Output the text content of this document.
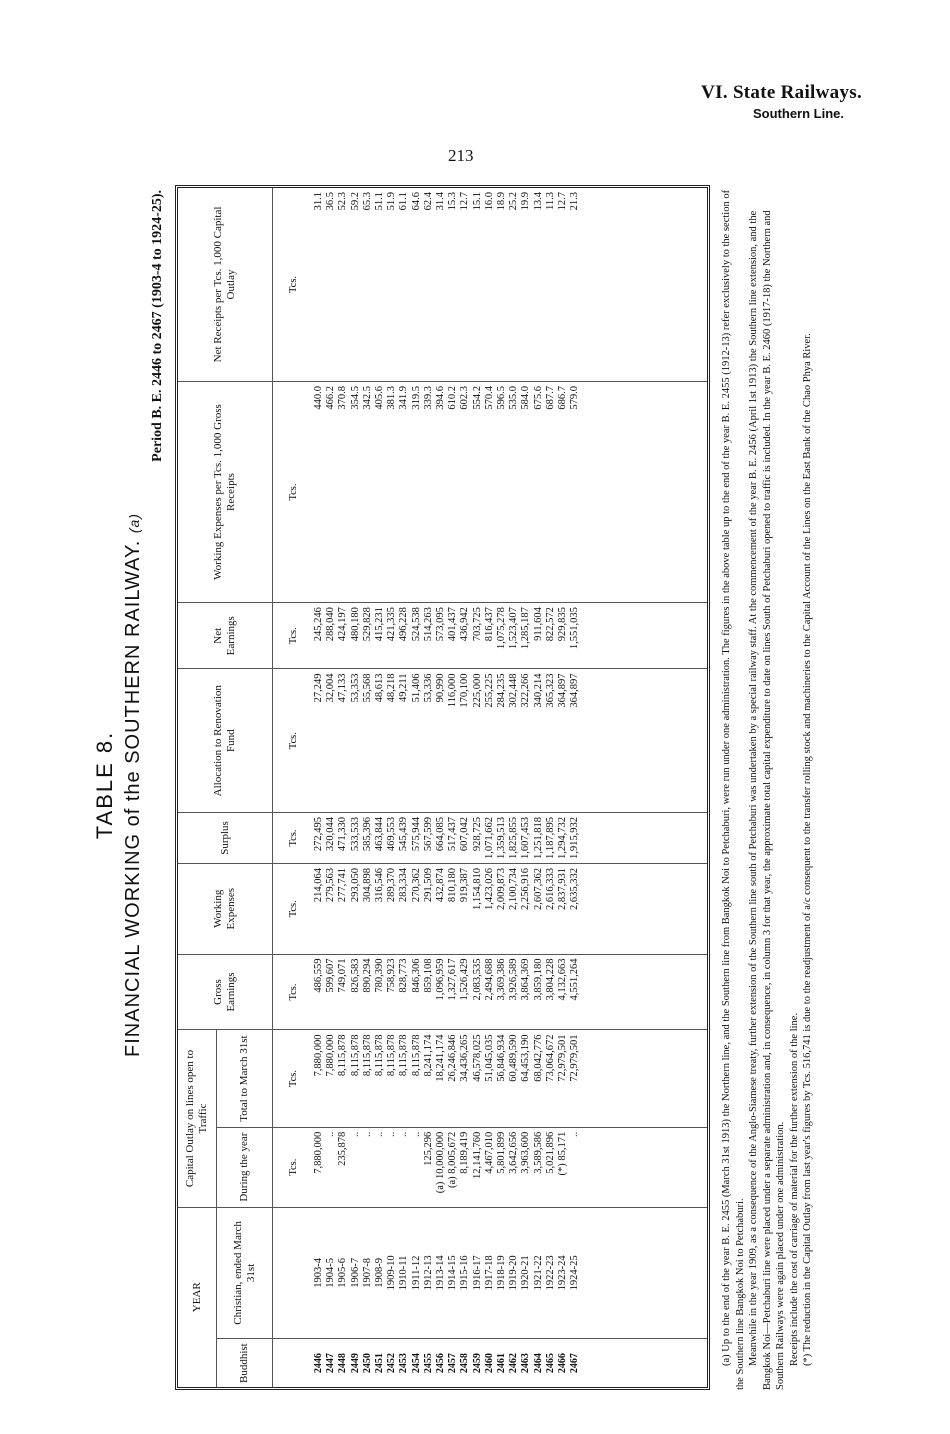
VI. State Railways.
Southern Line.
213
TABLE 8. FINANCIAL WORKING of the SOUTHERN RAILWAY. (a)
Period B. E. 2446 to 2467 (1903-4 to 1924-25).
YEAR		Capital Outlay on lines open to Traffic		Gross Earnings	Working Expenses	Surplus	Allocation to Renovation Fund	Net Earnings	Working Expenses per Tcs. 1,000 Gross Receipts	Net Receipts per Tcs. 1,000 Capital Outlay
Buddhist	Christian, ended March 31st	During the year	Total to March 31st							
		Tcs.	Tcs.	Tcs.	Tcs.	Tcs.	Tcs.	Tcs.	Tcs.	Tcs.
2446	1903-4	7,880,000	7,880,000	486,559	214,064	272,495	27,249	245,246	440.0	31.1
2447	1904-5	..	7,880,000	599,607	279,563	320,044	32,004	288,040	466.2	36.5
2448	1905-6	235,878	8,115,878	749,071	277,741	471,330	47,133	424,197	370.8	52.3
2449	1906-7	..	8,115,878	826,583	293,050	533,533	53,353	480,180	354.5	59.2
2450	1907-8	..	8,115,878	890,294	304,898	585,396	55,568	529,828	342.5	65.3
2451	1908-9	..	8,115,878	780,390	316,546	463,844	48,613	415,231	405.6	51.1
2452	1909-10	..	8,115,878	758,923	289,370	469,553	48,218	421,335	381.3	51.9
2453	1910-11	..	8,115,878	828,773	283,334	545,439	49,211	496,228	341.9	61.1
2454	1911-12	..	8,115,878	846,306	270,362	575,944	51,406	524,538	319.5	64.6
2455	1912-13	125,296	8,241,174	859,108	291,509	567,599	53,336	514,263	339.3	62.4
2456	1913-14	(a) 10,000,000	18,241,174	1,096,959	432,874	664,085	90,990	573,095	394.6	31.4
2457	1914-15	(a) 8,005,672	26,246,846	1,327,617	810,180	517,437	116,000	401,437	610.2	15.3
2458	1915-16	8,189,419	34,436,265	1,526,429	919,387	607,042	170,100	436,942	602.3	12.7
2459	1916-17	12,141,760	46,578,025	2,083,535	1,154,810	928,725	225,000	703,725	554.2	15.1
2460	1917-18	4,467,010	51,045,035	2,494,688	1,423,026	1,071,662	255,225	816,437	570.4	16.0
2461	1918-19	5,801,899	56,846,934	3,369,386	2,009,873	1,359,513	284,235	1,075,278	596.5	18.9
2462	1919-20	3,642,656	60,489,590	3,926,589	2,100,734	1,825,855	302,448	1,523,407	535.0	25.2
2463	1920-21	3,963,600	64,453,190	3,864,369	2,256,916	1,607,453	322,266	1,285,187	584.0	19.9
2464	1921-22	3,589,586	68,042,776	3,859,180	2,607,362	1,251,818	340,214	911,604	675.6	13.4
2465	1922-23	5,021,896	73,064,672	3,804,228	2,616,333	1,187,895	365,323	822,572	687.7	11.3
2466	1923-24	(*) 85,171	72,979,501	4,132,663	2,837,931	1,294,732	364,897	929,835	686.7	12.7
2467	1924-25	..	72,979,501	4,551,264	2,635,332	1,915,932	364,897	1,551,035	579.0	21.3
											(a) Up to the end of the year B. E. 2455 (March 31st 1913) the Northern line, and the Southern line from Bangkok Noi to Petchaburi, were run under one administration. The figures in the above table up to the end of the year B. E. 2455 (1912-13) refer exclusively to the section of the Southern line Bangkok Noi to Petchaburi. Meanwhile in the year 1909, as a consequence of the Anglo-Siamese treaty, further extension of the Southern line south of Petchaburi was undertaken by a special railway staff. At the commencement of the year B. E. 2456 (April 1st 1913) the Southern line extension, and the Bangkok Noi—Petchaburi line were placed under a separate administration and, in consequence, in column 3 for that year, the approximate total capital expenditure to date on lines South of Petchaburi opened to traffic is included. In the year B. E. 2460 (1917-18) the Northern and Southern Railways were again placed under one administration. Receipts include the cost of carriage of material for the further extension of the line. (*) The reduction in the Capital Outlay from last year's figures by Tcs. 516,741 is due to the readjustment of a/c consequent to the transfer rolling stock and machineries to the Capital Account of the Lines on the East Bank of the Chao Phya River.
